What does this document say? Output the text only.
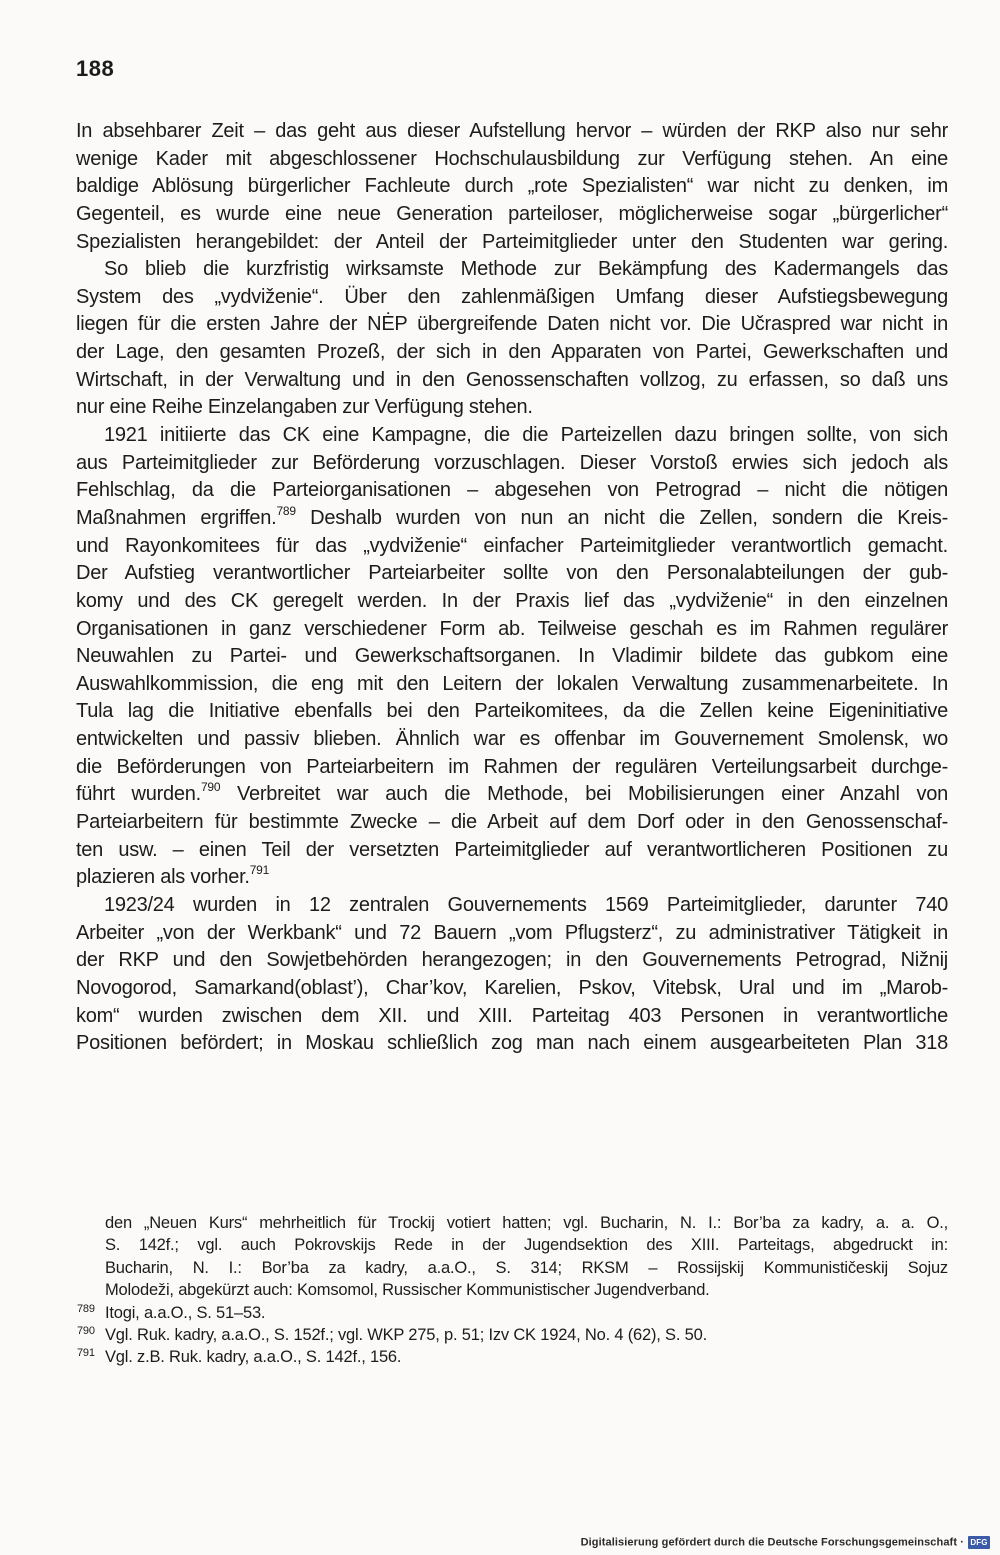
188
In absehbarer Zeit – das geht aus dieser Aufstellung hervor – würden der RKP also nur sehr
wenige Kader mit abgeschlossener Hochschulausbildung zur Verfügung stehen. An eine
baldige Ablösung bürgerlicher Fachleute durch „rote Spezialisten“ war nicht zu denken, im
Gegenteil, es wurde eine neue Generation parteiloser, möglicherweise sogar „bürgerlicher“
Spezialisten herangebildet: der Anteil der Parteimitglieder unter den Studenten war gering.
So blieb die kurzfristig wirksamste Methode zur Bekämpfung des Kadermangels das
System des „vydviženie“. Über den zahlenmäßigen Umfang dieser Aufstiegsbewegung
liegen für die ersten Jahre der NĖP übergreifende Daten nicht vor. Die Učraspred war nicht in
der Lage, den gesamten Prozeß, der sich in den Apparaten von Partei, Gewerkschaften und
Wirtschaft, in der Verwaltung und in den Genossenschaften vollzog, zu erfassen, so daß uns
nur eine Reihe Einzelangaben zur Verfügung stehen.
1921 initiierte das CK eine Kampagne, die die Parteizellen dazu bringen sollte, von sich
aus Parteimitglieder zur Beförderung vorzuschlagen. Dieser Vorstoß erwies sich jedoch als
Fehlschlag, da die Parteiorganisationen – abgesehen von Petrograd – nicht die nötigen
Maßnahmen ergriffen.$^{789}$ Deshalb wurden von nun an nicht die Zellen, sondern die Kreis-
und Rayonkomitees für das „vydviženie“ einfacher Parteimitglieder verantwortlich gemacht.
Der Aufstieg verantwortlicher Parteiarbeiter sollte von den Personalabteilungen der gub-
komy und des CK geregelt werden. In der Praxis lief das „vydviženie“ in den einzelnen
Organisationen in ganz verschiedener Form ab. Teilweise geschah es im Rahmen regulärer
Neuwahlen zu Partei- und Gewerkschaftsorganen. In Vladimir bildete das gubkom eine
Auswahlkommission, die eng mit den Leitern der lokalen Verwaltung zusammenarbeitete. In
Tula lag die Initiative ebenfalls bei den Parteikomitees, da die Zellen keine Eigeninitiative
entwickelten und passiv blieben. Ähnlich war es offenbar im Gouvernement Smolensk, wo
die Beförderungen von Parteiarbeitern im Rahmen der regulären Verteilungsarbeit durchge-
führt wurden.$^{790}$ Verbreitet war auch die Methode, bei Mobilisierungen einer Anzahl von
Parteiarbeitern für bestimmte Zwecke – die Arbeit auf dem Dorf oder in den Genossenschaf-
ten usw. – einen Teil der versetzten Parteimitglieder auf verantwortlicheren Positionen zu
plazieren als vorher.$^{791}$
1923/24 wurden in 12 zentralen Gouvernements 1569 Parteimitglieder, darunter 740
Arbeiter „von der Werkbank“ und 72 Bauern „vom Pflugsterz“, zu administrativer Tätigkeit in
der RKP und den Sowjetbehörden herangezogen; in den Gouvernements Petrograd, Nižnij
Novogorod, Samarkand(oblast’), Char’kov, Karelien, Pskov, Vitebsk, Ural und im „Marob-
kom“ wurden zwischen dem XII. und XIII. Parteitag 403 Personen in verantwortliche
Positionen befördert; in Moskau schließlich zog man nach einem ausgearbeiteten Plan 318
den „Neuen Kurs“ mehrheitlich für Trockij votiert hatten; vgl. Bucharin, N. I.: Bor’ba za kadry, a. a. O.,
S. 142f.; vgl. auch Pokrovskijs Rede in der Jugendsektion des XIII. Parteitags, abgedruckt in:
Bucharin, N. I.: Bor’ba za kadry, a.a.O., S. 314; RKSM – Rossijskij Kommunističeskij Sojuz
Molodeži, abgekürzt auch: Komsomol, Russischer Kommunistischer Jugendverband.
789 Itogi, a.a.O., S. 51–53.
790 Vgl. Ruk. kadry, a.a.O., S. 152f.; vgl. WKP 275, p. 51; Izv CK 1924, No. 4 (62), S. 50.
791 Vgl. z.B. Ruk. kadry, a.a.O., S. 142f., 156.
Digitalisierung gefördert durch die Deutsche Forschungsgemeinschaft · DFG
